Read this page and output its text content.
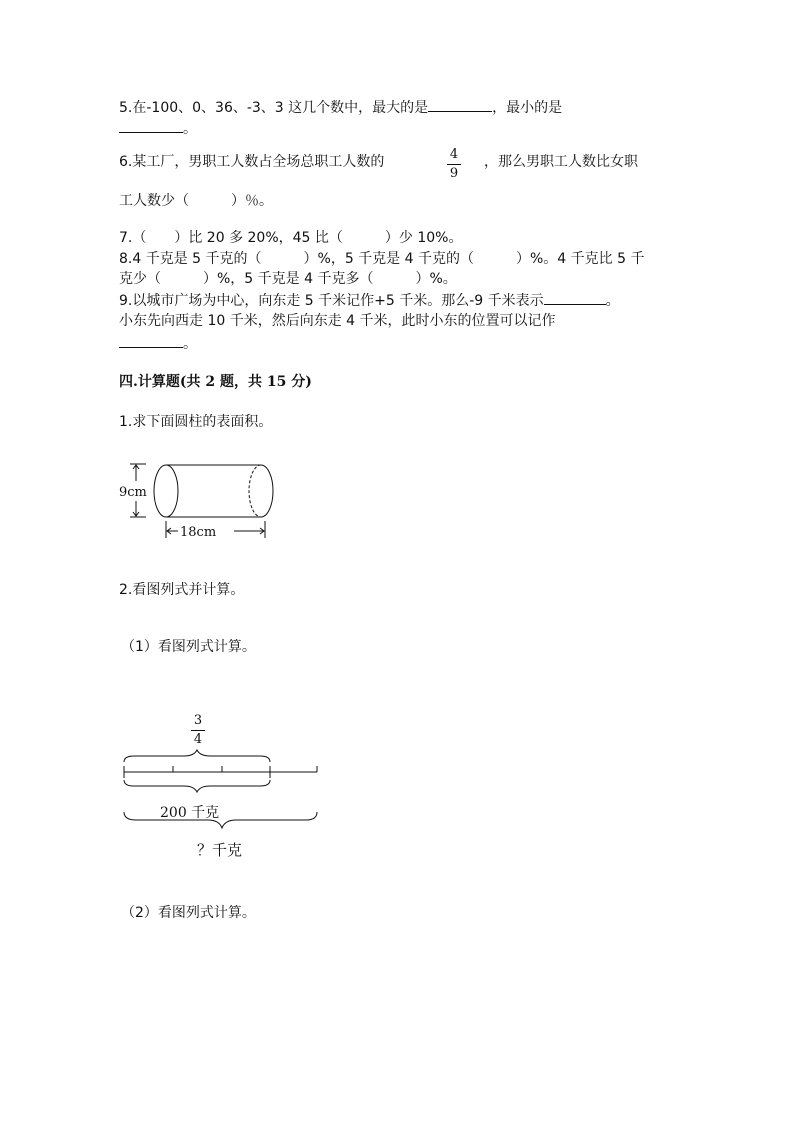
5.在-100、0、36、-3、3 这几个数中，最大的是	，最小的是
。
6.某工厂，男职工人数占全场总职工人数的	4
9
，那么男职工人数比女职
工人数少（　　　）％。
7.（　　）比 20 多 20%，45 比（　　　）少 10%。
8.4 千克是 5 千克的（　　　）%，5 千克是 4 千克的（　　　）%。4 千克比 5 千
克少（　　　）%，5 千克是 4 千克多（　　　）%。
9.以城市广场为中心，向东走 5 千米记作+5 千米。那么-9 千米表示	。
小东先向西走 10 千米，然后向东走 4 千米，此时小东的位置可以记作
。
四.计算题(共 2 题，共 15 分)
1.求下面圆柱的表面积。
9cm
18cm
2.看图列式并计算。
（1）看图列式计算。
3
4
200 千克
？千克
（2）看图列式计算。
